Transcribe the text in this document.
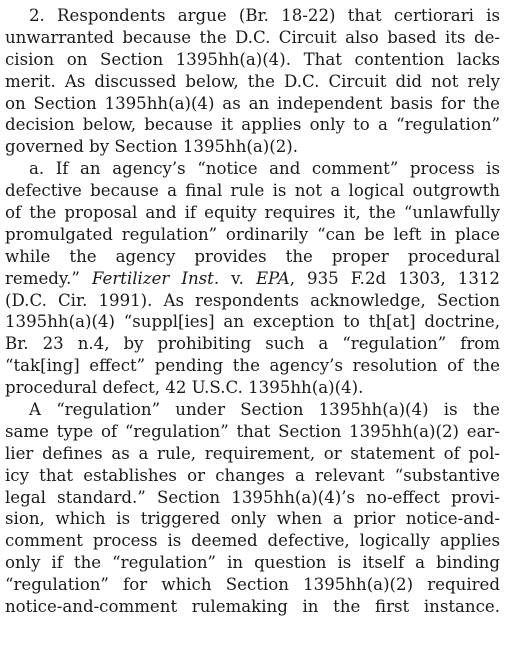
2. Respondents argue (Br. 18-22) that certiorari is
unwarranted because the D.C. Circuit also based its de-
cision on Section 1395hh(a)(4). That contention lacks
merit. As discussed below, the D.C. Circuit did not rely
on Section 1395hh(a)(4) as an independent basis for the
decision below, because it applies only to a “regulation”
governed by Section 1395hh(a)(2).
a. If an agency’s “notice and comment” process is
defective because a final rule is not a logical outgrowth
of the proposal and if equity requires it, the “unlawfully
promulgated regulation” ordinarily “can be left in place
while the agency provides the proper procedural
remedy.” Fertilizer Inst. v. EPA, 935 F.2d 1303, 1312
(D.C. Cir. 1991). As respondents acknowledge, Section
1395hh(a)(4) “suppl[ies] an exception to th[at] doctrine,
Br. 23 n.4, by prohibiting such a “regulation” from
“tak[ing] effect” pending the agency’s resolution of the
procedural defect, 42 U.S.C. 1395hh(a)(4).
A “regulation” under Section 1395hh(a)(4) is the
same type of “regulation” that Section 1395hh(a)(2) ear-
lier defines as a rule, requirement, or statement of pol-
icy that establishes or changes a relevant “substantive
legal standard.” Section 1395hh(a)(4)’s no-effect provi-
sion, which is triggered only when a prior notice-and-
comment process is deemed defective, logically applies
only if the “regulation” in question is itself a binding
“regulation” for which Section 1395hh(a)(2) required
notice-and-comment rulemaking in the first instance.
